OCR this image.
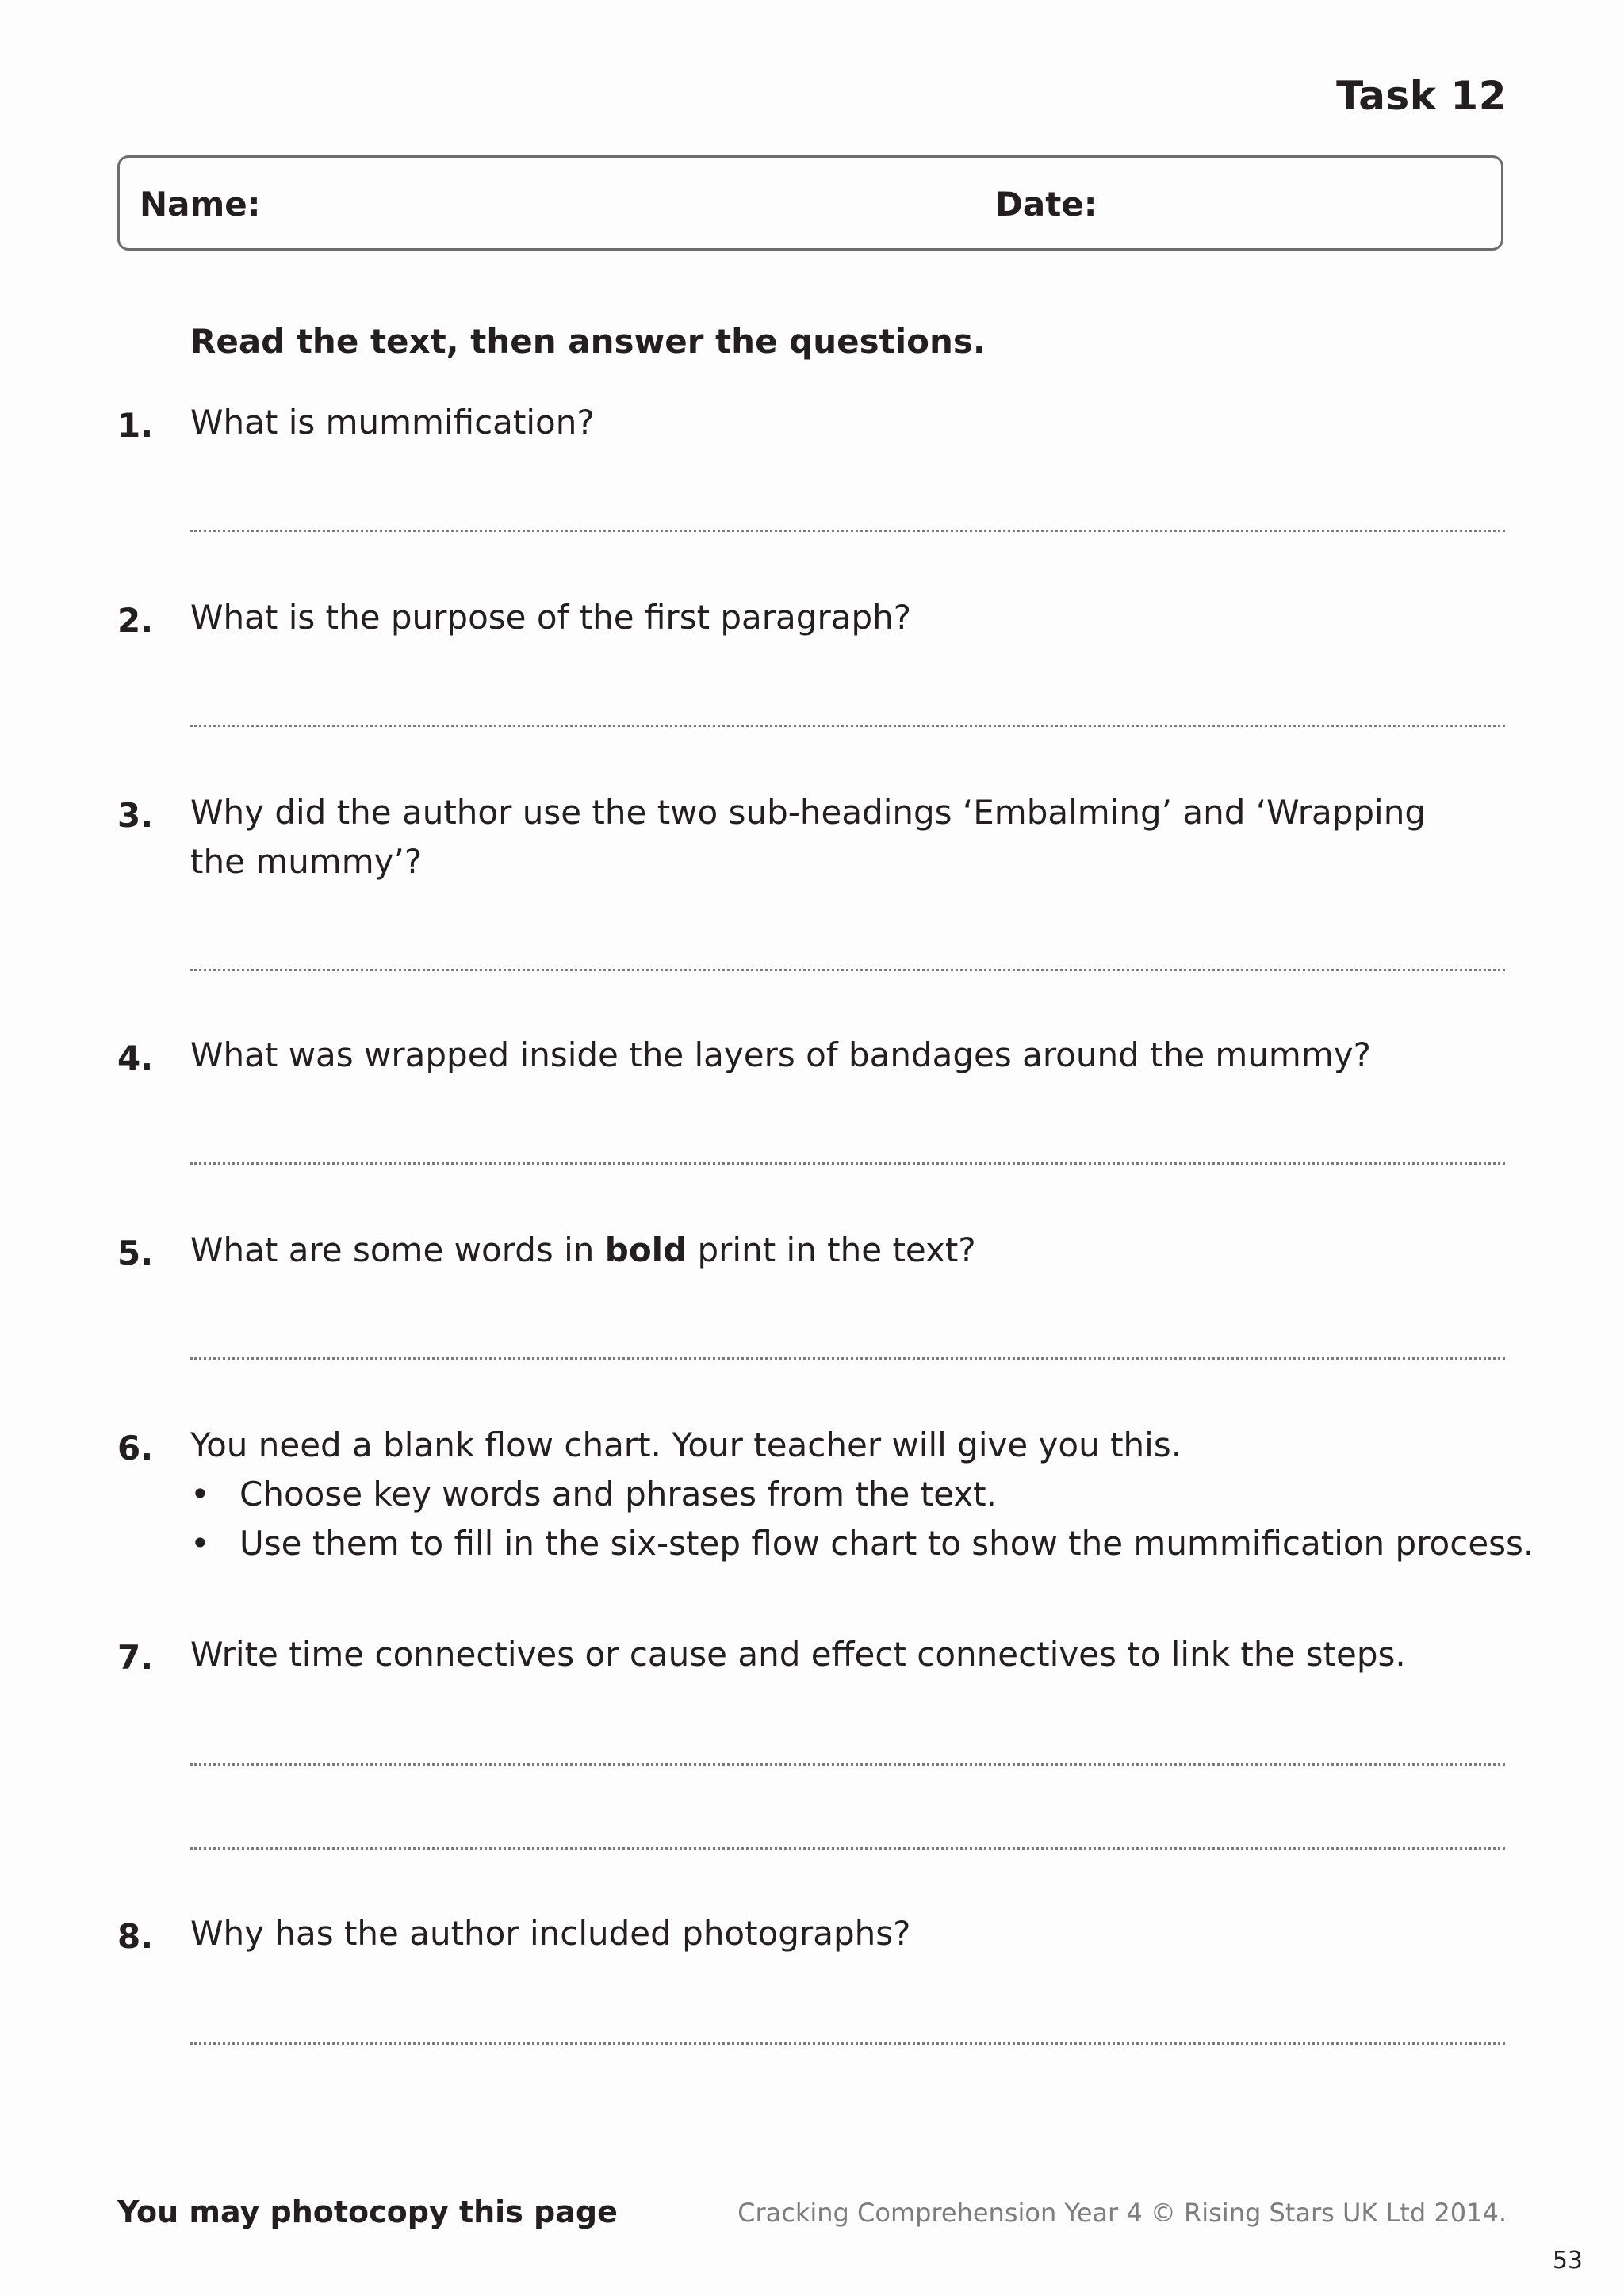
Task 12
Name:	Date:
Read the text, then answer the questions.
1. What is mummification?
2. What is the purpose of the first paragraph?
3. Why did the author use the two sub-headings ‘Embalming’ and ‘Wrapping
the mummy’?
4. What was wrapped inside the layers of bandages around the mummy?
5. What are some words in bold print in the text?
6. You need a blank flow chart. Your teacher will give you this.
• Choose key words and phrases from the text.
• Use them to fill in the six-step flow chart to show the mummification process.
7. Write time connectives or cause and effect connectives to link the steps.
8. Why has the author included photographs?
You may photocopy this page	Cracking Comprehension Year 4 © Rising Stars UK Ltd 2014.
53
